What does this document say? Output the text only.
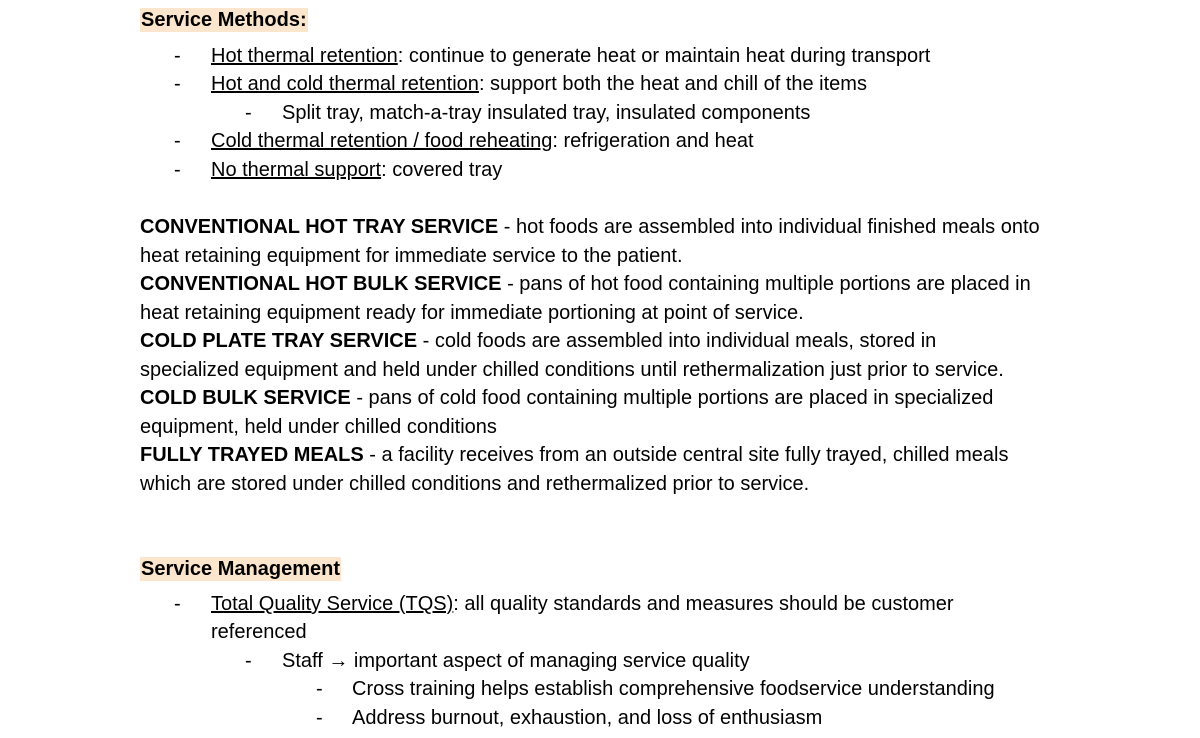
Service Methods:
- Hot thermal retention: continue to generate heat or maintain heat during transport
- Hot and cold thermal retention: support both the heat and chill of the items
- Split tray, match-a-tray insulated tray, insulated components
- Cold thermal retention / food reheating: refrigeration and heat
- No thermal support: covered tray
CONVENTIONAL HOT TRAY SERVICE - hot foods are assembled into individual finished meals onto heat retaining equipment for immediate service to the patient.
CONVENTIONAL HOT BULK SERVICE - pans of hot food containing multiple portions are placed in heat retaining equipment ready for immediate portioning at point of service.
COLD PLATE TRAY SERVICE - cold foods are assembled into individual meals, stored in specialized equipment and held under chilled conditions until rethermalization just prior to service.
COLD BULK SERVICE - pans of cold food containing multiple portions are placed in specialized equipment, held under chilled conditions
FULLY TRAYED MEALS - a facility receives from an outside central site fully trayed, chilled meals which are stored under chilled conditions and rethermalized prior to service.
Service Management
- Total Quality Service (TQS): all quality standards and measures should be customer
referenced
- Staff → important aspect of managing service quality
- Cross training helps establish comprehensive foodservice understanding
- Address burnout, exhaustion, and loss of enthusiasm
